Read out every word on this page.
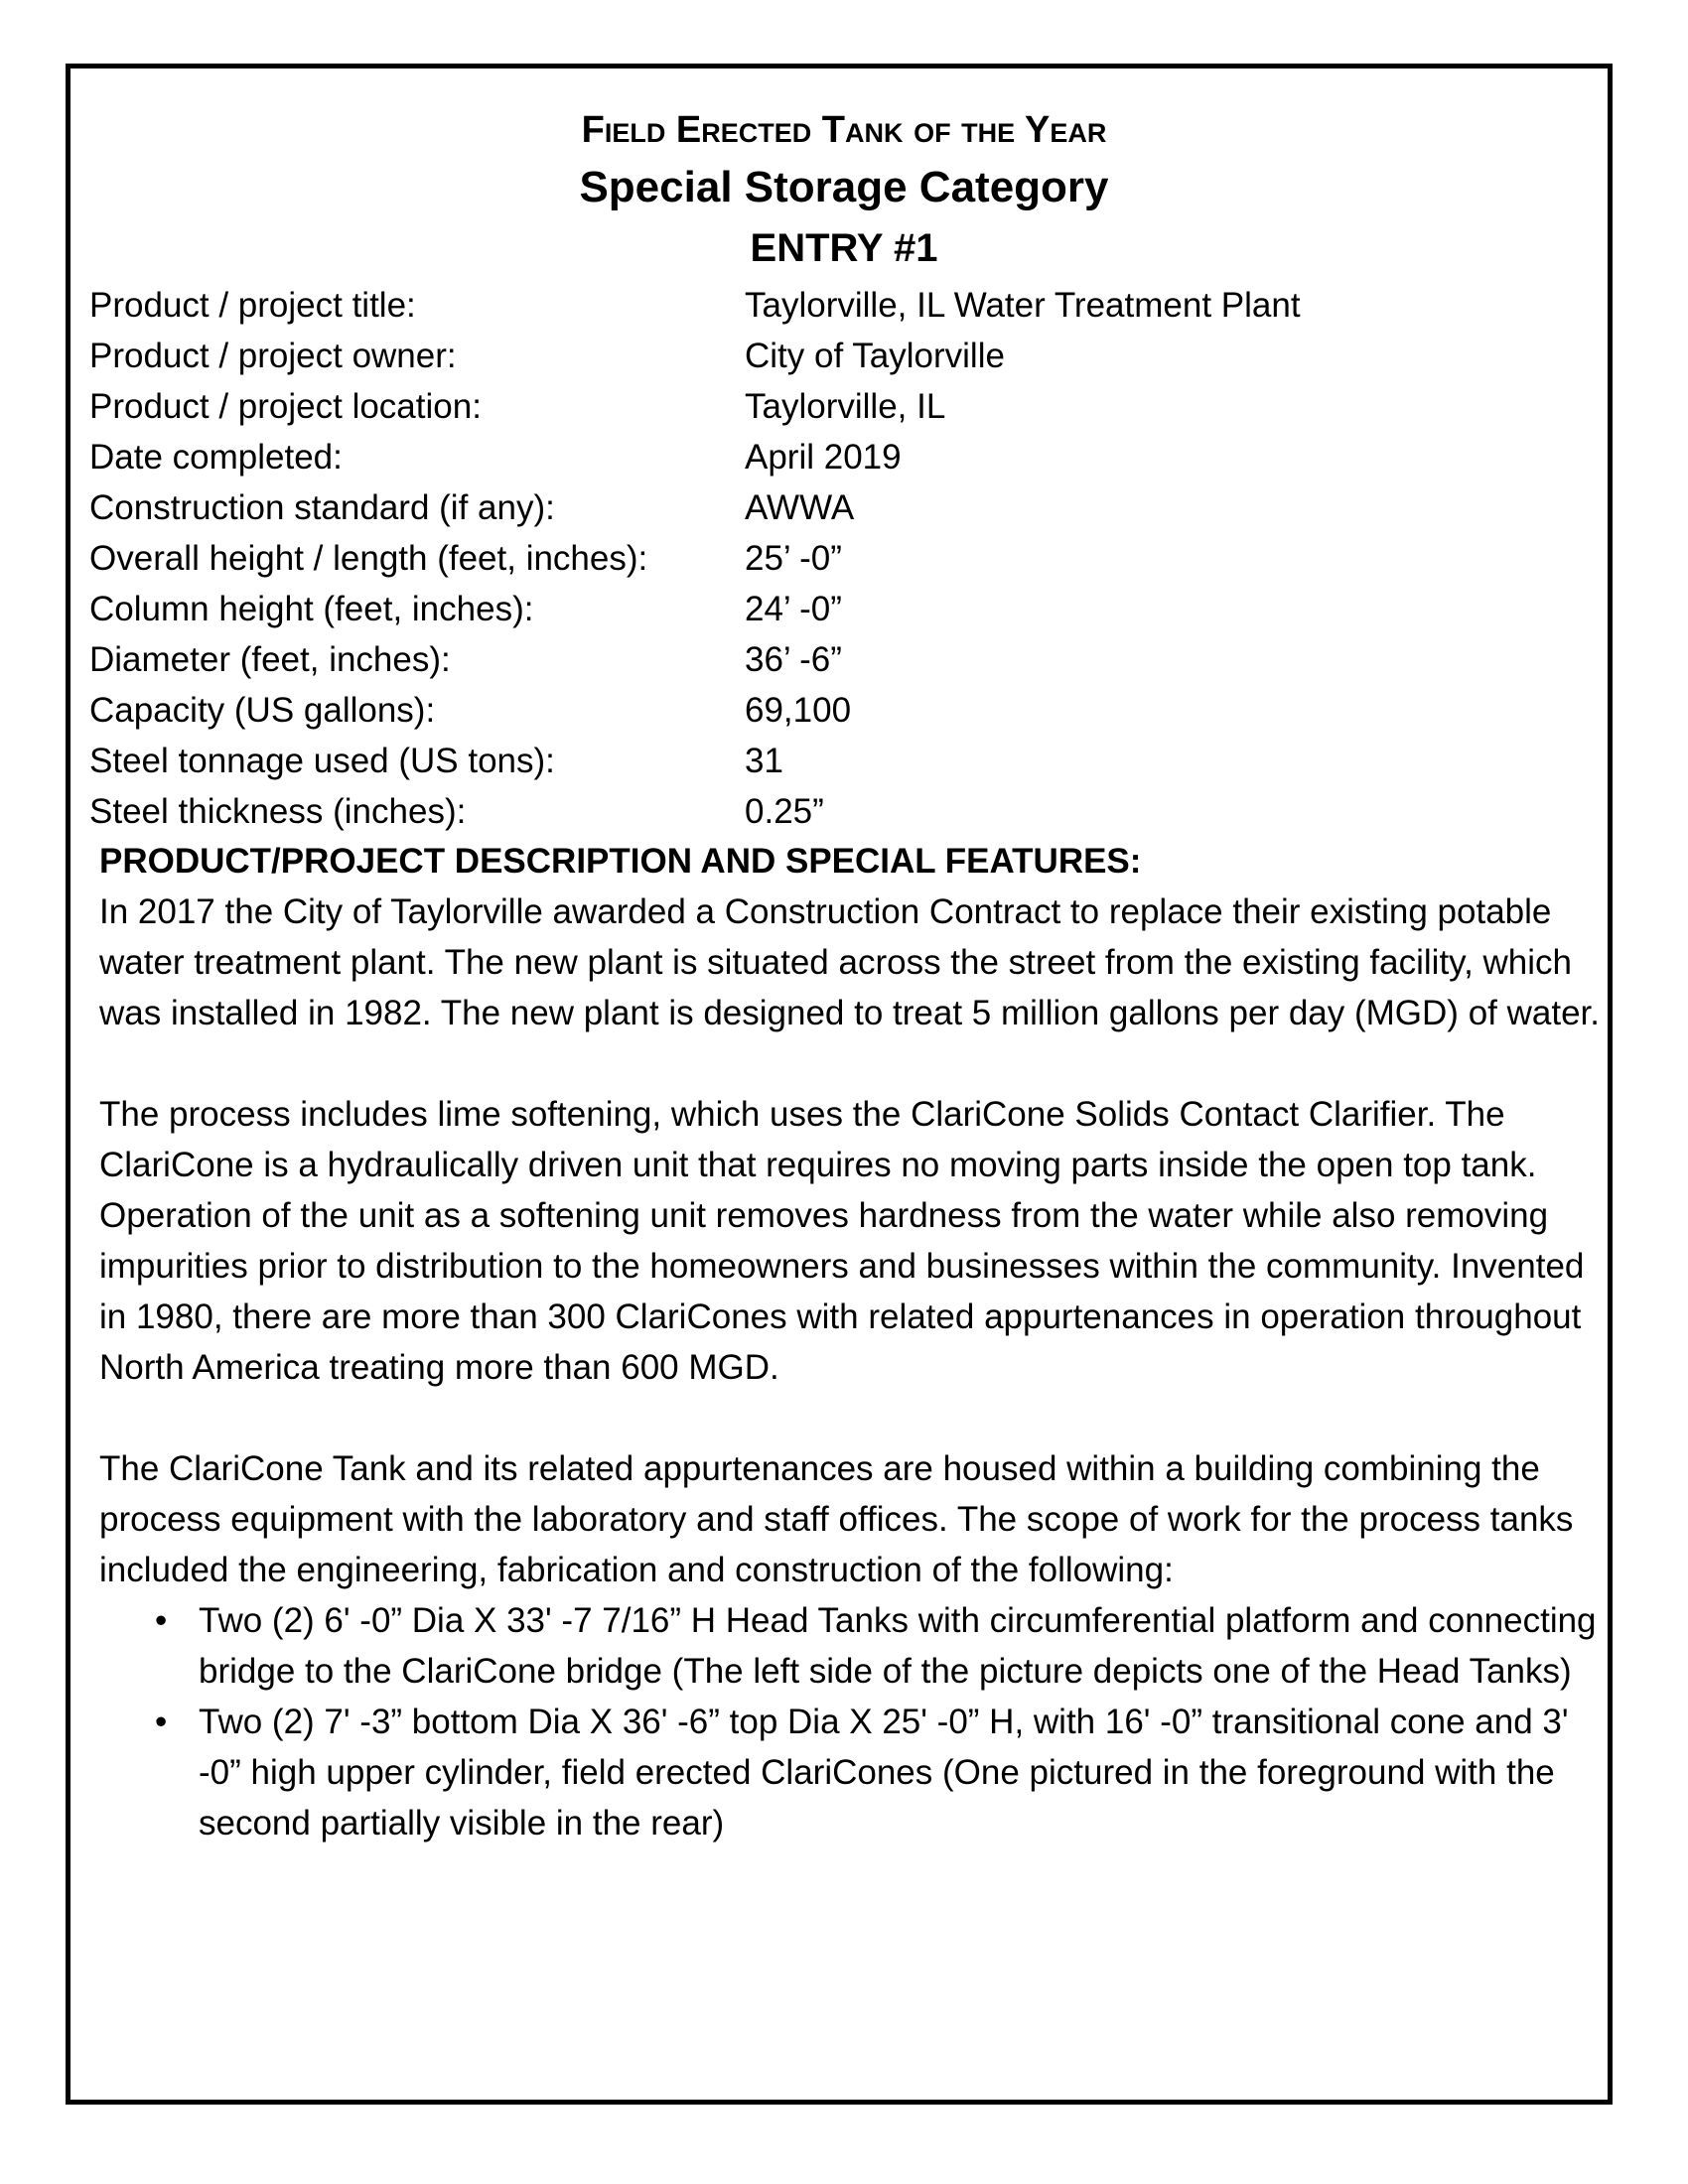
Field Erected Tank of the Year
Special Storage Category
ENTRY #1
Product / project title:	Taylorville, IL Water Treatment Plant
Product / project owner:	City of Taylorville
Product / project location:	Taylorville, IL
Date completed:	April 2019
Construction standard (if any):	AWWA
Overall height / length (feet, inches):	25’ -0”
Column height (feet, inches):	24’ -0”
Diameter (feet, inches):	36’ -6”
Capacity (US gallons):	69,100
Steel tonnage used (US tons):	31
Steel thickness (inches):	0.25”
PRODUCT/PROJECT DESCRIPTION AND SPECIAL FEATURES:

In 2017 the City of Taylorville awarded a Construction Contract to replace their existing potable water treatment plant. The new plant is situated across the street from the existing facility, which was installed in 1982. The new plant is designed to treat 5 million gallons per day (MGD) of water.

The process includes lime softening, which uses the ClariCone Solids Contact Clarifier. The ClariCone is a hydraulically driven unit that requires no moving parts inside the open top tank. Operation of the unit as a softening unit removes hardness from the water while also removing impurities prior to distribution to the homeowners and businesses within the community. Invented in 1980, there are more than 300 ClariCones with related appurtenances in operation throughout North America treating more than 600 MGD.

The ClariCone Tank and its related appurtenances are housed within a building combining the process equipment with the laboratory and staff offices. The scope of work for the process tanks included the engineering, fabrication and construction of the following:

• Two (2) 6' -0” Dia X 33' -7 7/16” H Head Tanks with circumferential platform and connecting bridge to the ClariCone bridge (The left side of the picture depicts one of the Head Tanks)
• Two (2) 7' -3” bottom Dia X 36' -6” top Dia X 25' -0” H, with 16' -0” transitional cone and 3' -0” high upper cylinder, field erected ClariCones (One pictured in the foreground with the second partially visible in the rear)
